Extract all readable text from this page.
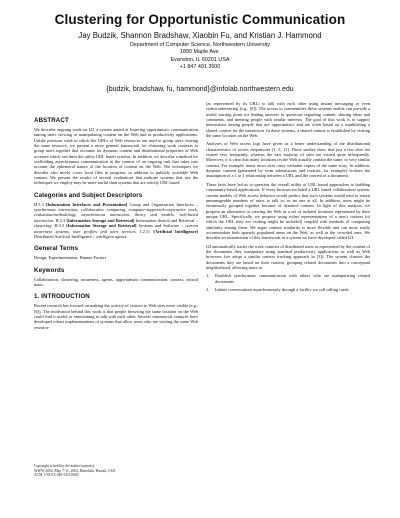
Clustering for Opportunistic Communication
Jay Budzik, Shannon Bradshaw, Xiaobin Fu, and Kristian J. Hammond
Department of Computer Science, Northwestern University
1890 Maple Ave.
Evanston, IL 60201 USA
+1 847 491 3500
{budzik, bradshaw, fu, hammond}@infolab.northwestern.edu
ABSTRACT

We describe ongoing work on I2I, a system aimed at fostering opportunistic communication among users viewing or manipulating content on the Web and in productivity applications. Unlike previous work in which the URLs of Web resources are used to group users visiting the same resource, we present a more general framework for clustering work contexts to group users together that accounts for dynamic content and distributional properties of Web accesses which can limit the utility URL based systems. In addition, we describe a method for scaffolding asynchronous communication in the context of an ongoing task that takes into account the ephemeral nature of the location of content on the Web. The techniques we describe also nicely cover local files in progress, in addition to publicly available Web content. We present the results of several evaluations that indicate systems that use the techniques we employ may be more useful than systems that are strictly URL based.

Categories and Subject Descriptors

H.5.3 [Information Interfaces and Presentation] Group and Organization Interfaces – synchronous interaction, collaborative computing, computer-supported-cooperative work, evaluation/methodology, asynchronous interaction, theory and models, web-based interaction. H.3.3 [Information Storage and Retrieval] Information Search and Retrieval – clustering. H.3.5 [Information Storage and Retrieval] Systems and Software – current awareness systems, user profiles and alert services. I.2.11 [Artificial Intelligence] Distributed Artificial Intelligence – intelligent agents.

General Terms

Design, Experimentation, Human Factors

Keywords

Collaboration, clustering, awareness, agents, opportunistic communication, context, critical mass.

1. INTRODUCTION

Recent research has focused on making the activity of visitors to Web sites more visible (e.g., [6]). The motivation behind this work is that people browsing the same location on the Web could find it useful or entertaining to talk with each other. Several commercial ventures have developed robust implementations of systems that allow users who are visiting the same Web resource

Copyright is held by the author/owner(s).
WWW 2002, May 7-11, 2002, Honolulu, Hawaii, USA
ACM 1-58113-449-5/02/0005.

(as represented by its URL) to talk with each other using instant messaging or even videoconferencing (e.g., [8]). The access to communities these systems enable can provide a useful starting point for finding answers to questions regarding content, sharing ideas and comments, and meeting people with similar interests. The goal of this work is to support interactions among people that are opportunistic and are often based on a establishing a shared context for the interaction. In these systems, a shared context is established by visiting the same location on the Web.

Analyses of Web access logs have given us a better understanding of the distributional characteristics of access frequencies [1, 5, 11]. These studies show that just a few sites are visited very frequently, whereas the vast majority of sites are visited quite infrequently. Moreover, it is clear that many locations on the Web actually contain the same, or very similar content. For example, many news sites carry verbatim copies of the same story. In addition, dynamic content (generated by form submissions and cookies, for example) violates the assumption of a 1 to 1 relationship between a URL and the content of a document.

These facts have led us to question the overall utility of URL based approaches to building community-based applications. If every browser included a URL based collaboration system, current models of Web access behavior would predict that such systems would tend to return unmanageable numbers of users to talk to, or no one at all. In addition, users might be erroneously grouped together because of dynamic content. In light of this analysis, we propose an alternative to viewing the Web as a set of isolated locations represented by their unique URL. Specifically, we propose using richer representations of a user's context (of which the URL they are visiting might be included) coupled with methods of computing similarity among them. We argue content similarity is more flexible and can more easily accommodate both sparsely populated areas on the Web, as well as the crowded ones. We describe an instantiation of this framework in a system we have developed called I2I.

I2I automatically tracks the work contexts of distributed users as represented by the content of the documents they manipulate using standard productivity applications as well as Web browsers (we adopt a similar context tracking approach in [3]). The system clusters the documents they are based on their content, grouping related documents into a conceptual neighborhood, allowing users to:

1. Establish synchronous communication with others who are manipulating related documents.
2. Initiate conversations asynchronously through a facility we call calling cards.
